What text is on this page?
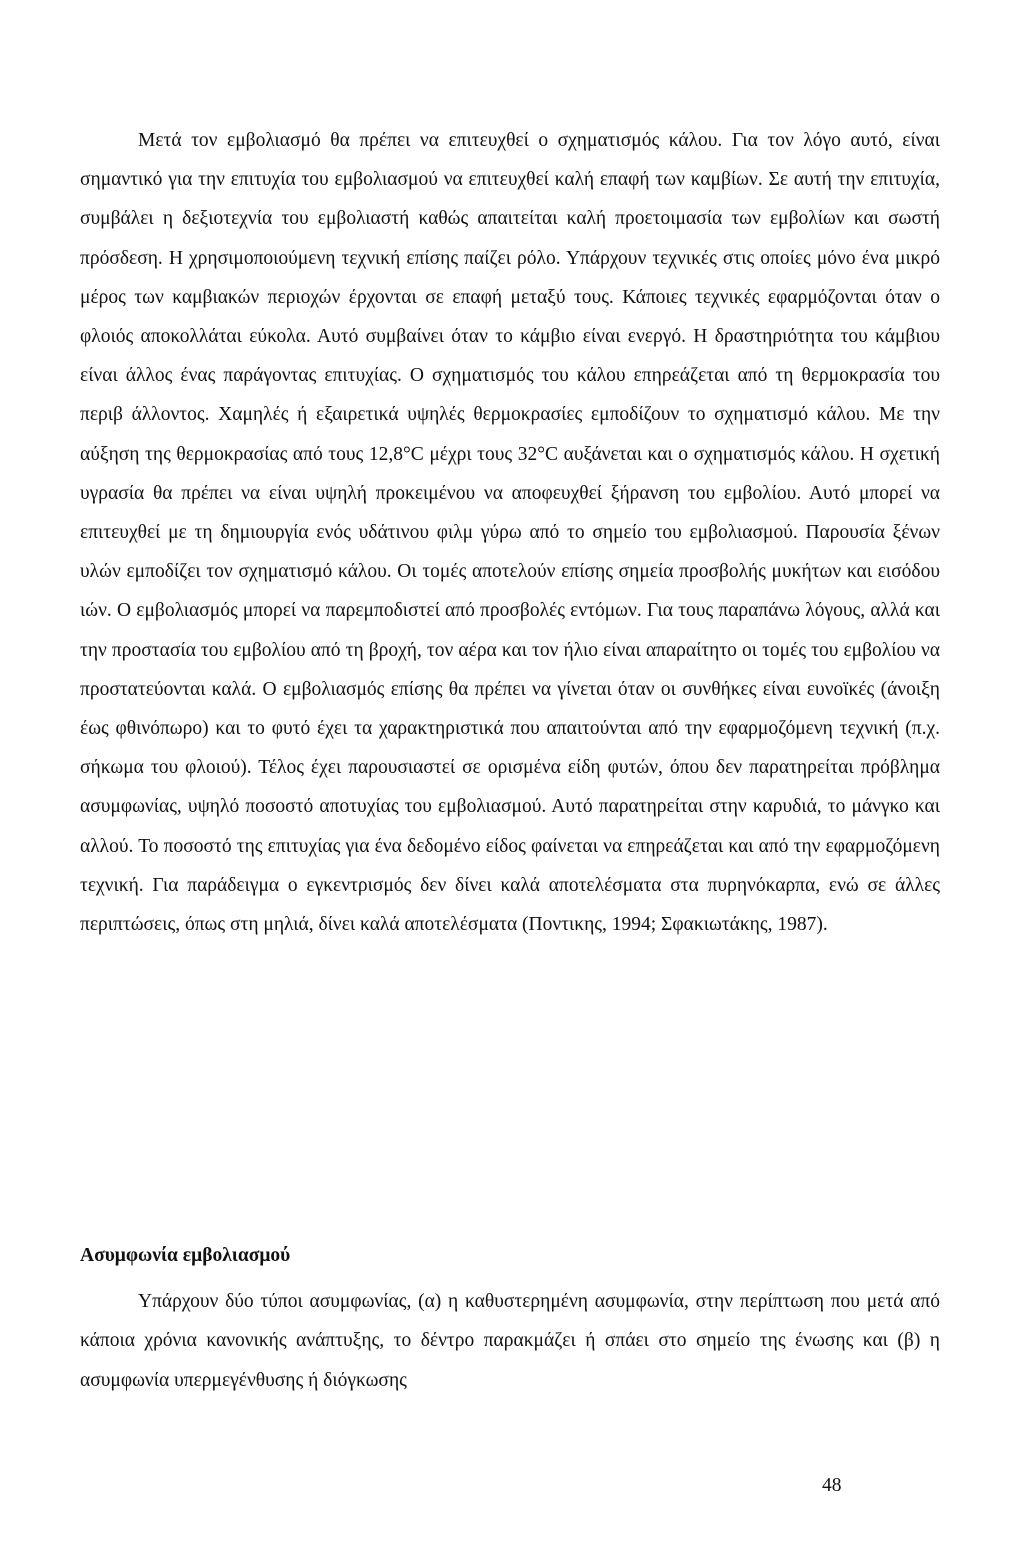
Μετά τον εμβολιασμό θα πρέπει να επιτευχθεί ο σχηματισμός κάλου. Για τον λόγο αυτό, είναι σημαντικό για την επιτυχία του εμβολιασμού να επιτευχθεί καλή επαφή των καμβίων. Σε αυτή την επιτυχία, συμβάλει η δεξιοτεχνία του εμβολιαστή καθώς απαιτείται καλή προετοιμασία των εμβολίων και σωστή πρόσδεση. Η χρησιμοποιούμενη τεχνική επίσης παίζει ρόλο. Υπάρχουν τεχνικές στις οποίες μόνο ένα μικρό μέρος των καμβιακών περιοχών έρχονται σε επαφή μεταξύ τους. Κάποιες τεχνικές εφαρμόζονται όταν ο φλοιός αποκολλάται εύκολα. Αυτό συμβαίνει όταν το κάμβιο είναι ενεργό. Η δραστηριότητα του κάμβιου είναι άλλος ένας παράγοντας επιτυχίας. Ο σχηματισμός του κάλου επηρεάζεται από τη θερμοκρασία του περιβ άλλοντος. Χαμηλές ή εξαιρετικά υψηλές θερμοκρασίες εμποδίζουν το σχηματισμό κάλου. Με την αύξηση της θερμοκρασίας από τους 12,8°C μέχρι τους 32°C αυξάνεται και ο σχηματισμός κάλου. Η σχετική υγρασία θα πρέπει να είναι υψηλή προκειμένου να αποφευχθεί ξήρανση του εμβολίου. Αυτό μπορεί να επιτευχθεί με τη δημιουργία ενός υδάτινου φιλμ γύρω από το σημείο του εμβολιασμού. Παρουσία ξένων υλών εμποδίζει τον σχηματισμό κάλου. Οι τομές αποτελούν επίσης σημεία προσβολής μυκήτων και εισόδου ιών. Ο εμβολιασμός μπορεί να παρεμποδιστεί από προσβολές εντόμων. Για τους παραπάνω λόγους, αλλά και την προστασία του εμβολίου από τη βροχή, τον αέρα και τον ήλιο είναι απαραίτητο οι τομές του εμβολίου να προστατεύονται καλά. Ο εμβολιασμός επίσης θα πρέπει να γίνεται όταν οι συνθήκες είναι ευνοϊκές (άνοιξη έως φθινόπωρο) και το φυτό έχει τα χαρακτηριστικά που απαιτούνται από την εφαρμοζόμενη τεχνική (π.χ. σήκωμα του φλοιού). Τέλος έχει παρουσιαστεί σε ορισμένα είδη φυτών, όπου δεν παρατηρείται πρόβλημα ασυμφωνίας, υψηλό ποσοστό αποτυχίας του εμβολιασμού. Αυτό παρατηρείται στην καρυδιά, το μάνγκο και αλλού. Το ποσοστό της επιτυχίας για ένα δεδομένο είδος φαίνεται να επηρεάζεται και από την εφαρμοζόμενη τεχνική. Για παράδειγμα ο εγκεντρισμός δεν δίνει καλά αποτελέσματα στα πυρηνόκαρπα, ενώ σε άλλες περιπτώσεις, όπως στη μηλιά, δίνει καλά αποτελέσματα (Ποντικης, 1994; Σφακιωτάκης, 1987).

Ασυμφωνία εμβολιασμού

Υπάρχουν δύο τύποι ασυμφωνίας, (α) η καθυστερημένη ασυμφωνία, στην περίπτωση που μετά από κάποια χρόνια κανονικής ανάπτυξης, το δέντρο παρακμάζει ή σπάει στο σημείο της ένωσης και (β) η ασυμφωνία υπερμεγένθυσης ή διόγκωσης

48
